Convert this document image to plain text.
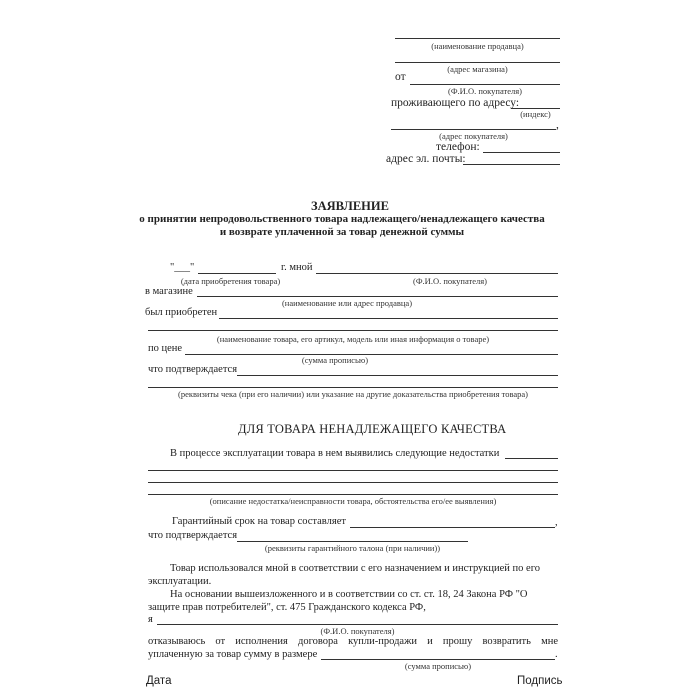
(наименование продавца)
(адрес магазина)
от
(Ф.И.О. покупателя)
проживающего по адресу:
(индекс)
,
(адрес покупателя)
телефон:
адрес эл. почты:
ЗАЯВЛЕНИЕ
о принятии непродовольственного товара надлежащего/ненадлежащего качества
и возврате уплаченной за товар денежной суммы
"___"	г. мной
(дата приобретения товара)	(Ф.И.О. покупателя)
в магазине
(наименование или адрес продавца)
был приобретен
(наименование товара, его артикул, модель или иная информация о товаре)
по цене
(сумма прописью)
что подтверждается
(реквизиты чека (при его наличии) или указание на другие доказательства приобретения товара)
ДЛЯ ТОВАРА НЕНАДЛЕЖАЩЕГО КАЧЕСТВА
В процессе эксплуатации товара в нем выявились следующие недостатки
(описание недостатка/неисправности товара, обстоятельства его/ее выявления)
Гарантийный срок на товар составляет	,
что подтверждается
(реквизиты гарантийного талона (при наличии))
Товар использовался мной в соответствии с его назначением и инструкцией по его
эксплуатации.
На основании вышеизложенного и в соответствии со ст. ст. 18, 24 Закона РФ "О
защите прав потребителей", ст. 475 Гражданского кодекса РФ,
я
(Ф.И.О. покупателя)
отказываюсь от исполнения договора купли-продажи и прошу возвратить мне
уплаченную за товар сумму в размере	.
(сумма прописью)
Дата	Подпись
